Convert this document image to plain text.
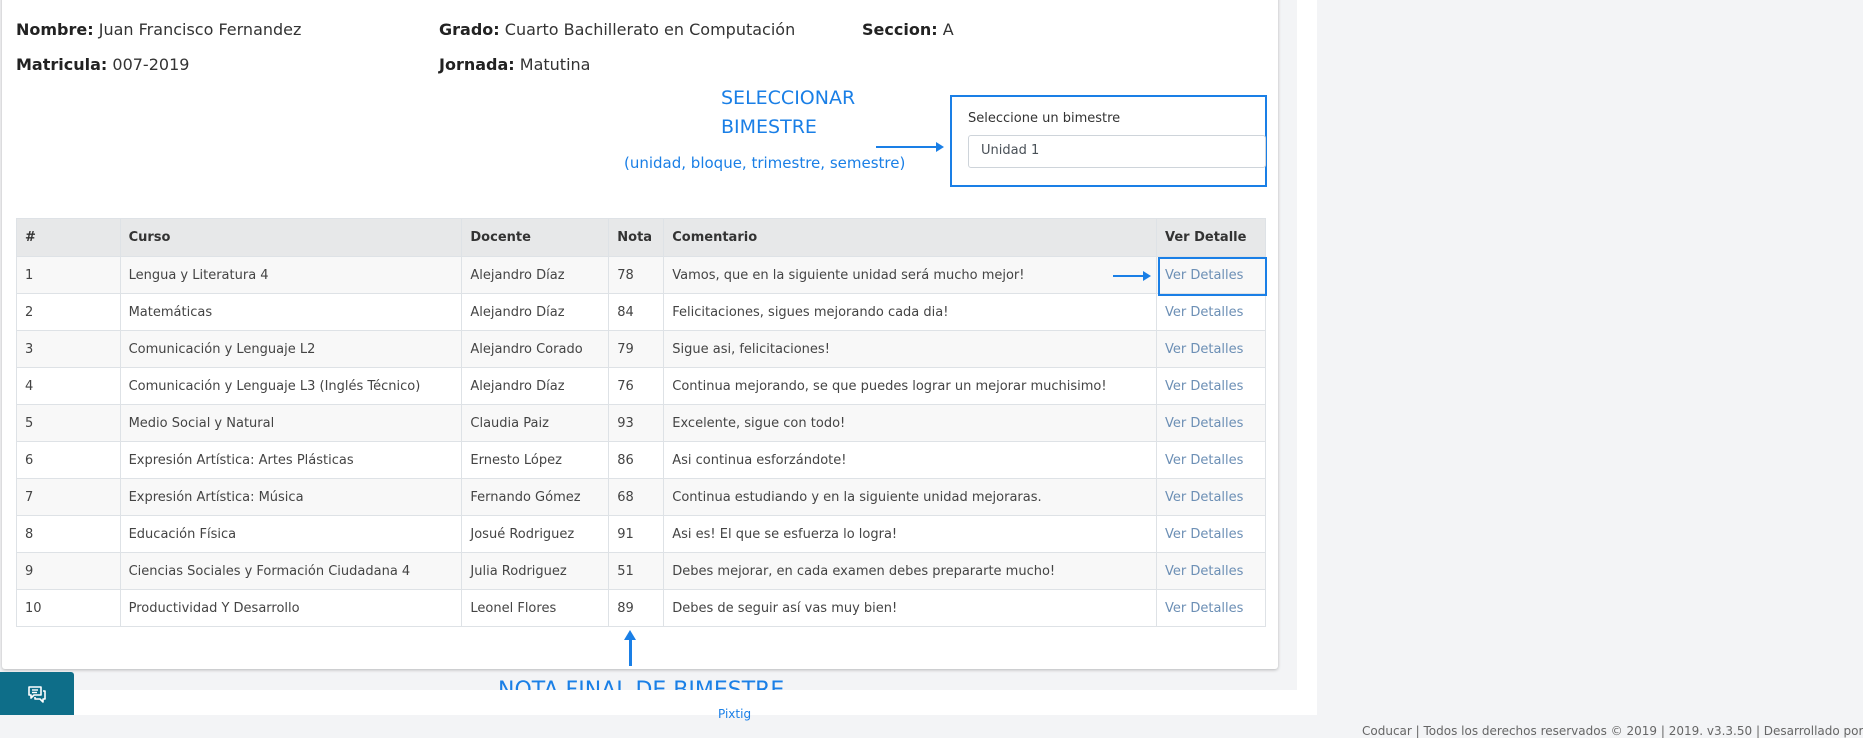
Nombre: Juan Francisco Fernandez	Grado: Cuarto Bachillerato en Computación	Seccion: A
Matricula: 007-2019	Jornada: Matutina
SELECCIONAR
BIMESTRE
(unidad, bloque, trimestre, semestre)
Seleccione un bimestre
Unidad 1
#	Curso	Docente	Nota	Comentario	Ver Detalle
1	Lengua y Literatura 4	Alejandro Díaz	78	Vamos, que en la siguiente unidad será mucho mejor!	Ver Detalles
2	Matemáticas	Alejandro Díaz	84	Felicitaciones, sigues mejorando cada dia!	Ver Detalles
3	Comunicación y Lenguaje L2	Alejandro Corado	79	Sigue asi, felicitaciones!	Ver Detalles
4	Comunicación y Lenguaje L3 (Inglés Técnico)	Alejandro Díaz	76	Continua mejorando, se que puedes lograr un mejorar muchisimo!	Ver Detalles
5	Medio Social y Natural	Claudia Paiz	93	Excelente, sigue con todo!	Ver Detalles
6	Expresión Artística: Artes Plásticas	Ernesto López	86	Asi continua esforzándote!	Ver Detalles
7	Expresión Artística: Música	Fernando Gómez	68	Continua estudiando y en la siguiente unidad mejoraras.	Ver Detalles
8	Educación Física	Josué Rodriguez	91	Asi es! El que se esfuerza lo logra!	Ver Detalles
9	Ciencias Sociales y Formación Ciudadana 4	Julia Rodriguez	51	Debes mejorar, en cada examen debes prepararte mucho!	Ver Detalles
10	Productividad Y Desarrollo	Leonel Flores	89	Debes de seguir así vas muy bien!	Ver Detalles
Coducar | Todos los derechos reservados © 2019 | 2019. v3.3.50 | Desarrollado por
Pixtig
